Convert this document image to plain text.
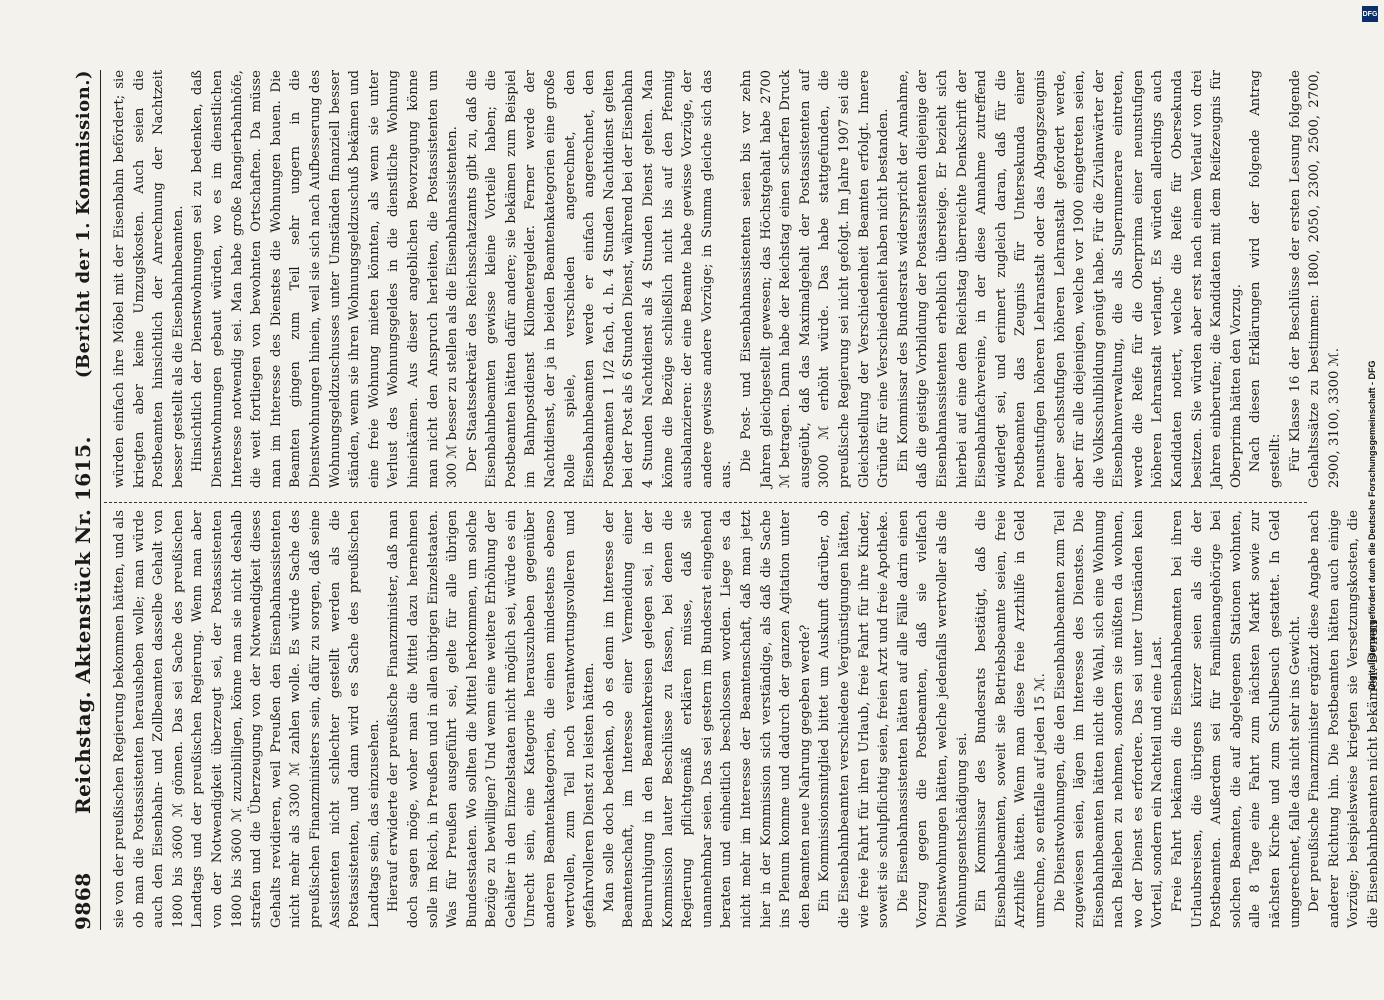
9868
Reichstag. Aktenstück Nr. 1615.
(Bericht der 1. Kommission.)

sie von der preußischen Regierung bekommen hätten, und als ob man die Postassistenten herausheben wolle; man würde auch den Eisenbahn- und Zollbeamten dasselbe Gehalt von 1800 bis 3600 ℳ gönnen. Das sei Sache des preußischen Landtags und der preußischen Regierung. Wenn man aber von der Notwendigkeit überzeugt sei, der Postassistenten 1800 bis 3600 ℳ zuzubilligen, könne man sie nicht deshalb strafen und die Überzeugung von der Notwendigkeit dieses Gehalts revidieren, weil Preußen den Eisenbahnassistenten nicht mehr als 3300 ℳ zahlen wolle. Es würde Sache des preußischen Finanzministers sein, dafür zu sorgen, daß seine Assistenten nicht schlechter gestellt werden als die Postassistenten, und dann wird es Sache des preußischen Landtags sein, das einzusehen. Hierauf erwiderte der preußische Finanzminister, daß man doch sagen möge, woher man die Mittel dazu hernehmen solle im Reich, in Preußen und in allen übrigen Einzelstaaten. Was für Preußen ausgeführt sei, gelte für alle übrigen Bundesstaaten. Wo sollten die Mittel herkommen, um solche Bezüge zu bewilligen? Und wenn eine weitere Erhöhung der Gehälter in den Einzelstaaten nicht möglich sei, würde es ein Unrecht sein, eine Kategorie herauszuheben gegenüber anderen Beamtenkategorien, die einen mindestens ebenso wertvollen, zum Teil noch verantwortungsvolleren und gefahrvolleren Dienst zu leisten hätten. Man solle doch bedenken, ob es denn im Interesse der Beamtenschaft, im Interesse einer Vermeidung einer Beunruhigung in den Beamtenkreisen gelegen sei, in der Kommission lauter Beschlüsse zu fassen, bei denen die Regierung pflichtgemäß erklären müsse, daß sie unannehmbar seien. Das sei gestern im Bundesrat eingehend beraten und einheitlich beschlossen worden. Liege es da nicht mehr im Interesse der Beamtenschaft, daß man jetzt hier in der Kommission sich verständige, als daß die Sache ins Plenum komme und dadurch der ganzen Agitation unter den Beamten neue Nahrung gegeben werde? Ein Kommissionsmitglied bittet um Auskunft darüber, ob die Eisenbahnbeamten verschiedene Vergünstigungen hätten, wie freie Fahrt für ihren Urlaub, freie Fahrt für ihre Kinder, soweit sie schulpflichtig seien, freien Arzt und freie Apotheke. Die Eisenbahnassistenten hätten auf alle Fälle darin einen Vorzug gegen die Postbeamten, daß sie vielfach Dienstwohnungen hätten, welche jedenfalls wertvoller als die Wohnungsentschädigung sei. Ein Kommissar des Bundesrats bestätigt, daß die Eisenbahnbeamten, soweit sie Betriebsbeamte seien, freie Arzthilfe hätten. Wenn man diese freie Arzthilfe in Geld umrechne, so entfalle auf jeden 15 ℳ. Die Dienstwohnungen, die den Eisenbahnbeamten zum Teil zugewiesen seien, lägen im Interesse des Dienstes. Die Eisenbahnbeamten hätten nicht die Wahl, sich eine Wohnung nach Belieben zu nehmen, sondern sie müßten da wohnen, wo der Dienst es erfordere. Das sei unter Umständen kein Vorteil, sondern ein Nachteil und eine Last. Freie Fahrt bekämen die Eisenbahnbeamten bei ihren Urlaubsreisen, die übrigens kürzer seien als die der Postbeamten. Außerdem sei für Familienangehörige bei solchen Beamten, die auf abgelegenen Stationen wohnten, alle 8 Tage eine Fahrt zum nächsten Markt sowie zur nächsten Kirche und zum Schulbesuch gestattet. In Geld umgerechnet, falle das nicht sehr ins Gewicht. Der preußische Finanzminister ergänzt diese Angabe nach anderer Richtung hin. Die Postbeamten hätten auch einige Vorzüge; beispielsweise kriegten sie Versetzungskosten, die die Eisenbahnbeamten nicht bekämen. Denen

würden einfach ihre Möbel mit der Eisenbahn befördert; sie kriegten aber keine Umzugskosten. Auch seien die Postbeamten hinsichtlich der Anrechnung der Nachtzeit besser gestellt als die Eisenbahnbeamten. Hinsichtlich der Dienstwohnungen sei zu bedenken, daß Dienstwohnungen gebaut würden, wo es im dienstlichen Interesse notwendig sei. Man habe große Rangierbahnhöfe, die weit fortliegen von bewohnten Ortschaften. Da müsse man im Interesse des Dienstes die Wohnungen bauen. Die Beamten gingen zum Teil sehr ungern in die Dienstwohnungen hinein, weil sie sich nach Aufbesserung des Wohnungsgeldzuschusses unter Umständen finanziell besser ständen, wenn sie ihren Wohnungsgeldzuschuß bekämen und eine freie Wohnung mieten könnten, als wenn sie unter Verlust des Wohnungsgeldes in die dienstliche Wohnung hineinkämen. Aus dieser angeblichen Bevorzugung könne man nicht den Anspruch herleiten, die Postassistenten um 300 ℳ besser zu stellen als die Eisenbahnassistenten. Der Staatssekretär des Reichsschatzamts gibt zu, daß die Eisenbahnbeamten gewisse kleine Vorteile haben; die Postbeamten hätten dafür andere; sie bekämen zum Beispiel im Bahnpostdienst Kilometergelder. Ferner werde der Nachtdienst, der ja in beiden Beamtenkategorien eine große Rolle spiele, verschieden angerechnet, den Eisenbahnbeamten werde er einfach angerechnet, den Postbeamten 1 1/2 fach, d. h. 4 Stunden Nachtdienst gelten bei der Post als 6 Stunden Dienst, während bei der Eisenbahn 4 Stunden Nachtdienst als 4 Stunden Dienst gelten. Man könne die Bezüge schließlich nicht bis auf den Pfennig ausbalanzieren: der eine Beamte habe gewisse Vorzüge, der andere gewisse andere Vorzüge; in Summa gleiche sich das aus.

Die Post- und Eisenbahnassistenten seien bis vor zehn Jahren gleichgestellt gewesen; das Höchstgehalt habe 2700 ℳ betragen. Dann habe der Reichstag einen scharfen Druck ausgeübt, daß das Maximalgehalt der Postassistenten auf 3000 ℳ erhöht würde. Das habe stattgefunden, die preußische Regierung sei nicht gefolgt. Im Jahre 1907 sei die Gleichstellung der Verschiedenheit Beamten erfolgt. Innere Gründe für eine Verschiedenheit haben nicht bestanden. Ein Kommissar des Bundesrats widerspricht der Annahme, daß die geistige Vorbildung der Postassistenten diejenige der Eisenbahnassistenten erheblich übersteige. Er bezieht sich hierbei auf eine dem Reichstag überreichte Denkschrift der Eisenbahnfachvereine, in der diese Annahme zutreffend widerlegt sei, und erinnert zugleich daran, daß für die Postbeamten das Zeugnis für Untersekunda einer neunstufigen höheren Lehranstalt oder das Abgangszeugnis einer sechsstufigen höheren Lehranstalt gefordert werde, aber für alle diejenigen, welche vor 1900 eingetreten seien, die Volksschulbildung genügt habe. Für die Zivilanwärter der Eisenbahnverwaltung, die als Supernumerare eintreten, werde die Reife für die Oberprima einer neunstufigen höheren Lehranstalt verlangt. Es würden allerdings auch Kandidaten notiert, welche die Reife für Obersekunda besitzen. Sie würden aber erst nach einem Verlauf von drei Jahren einberufen; die Kandidaten mit dem Reifezeugnis für Oberprima hätten den Vorzug. Nach diesen Erklärungen wird der folgende Antrag gestellt: Für Klasse 16 der Beschlüsse der ersten Lesung folgende Gehaltssätze zu bestimmen: 1800, 2050, 2300, 2500, 2700, 2900, 3100, 3300 ℳ.

DFG
Digitalisierung gefördert durch die Deutsche Forschungsgemeinschaft - DFG
